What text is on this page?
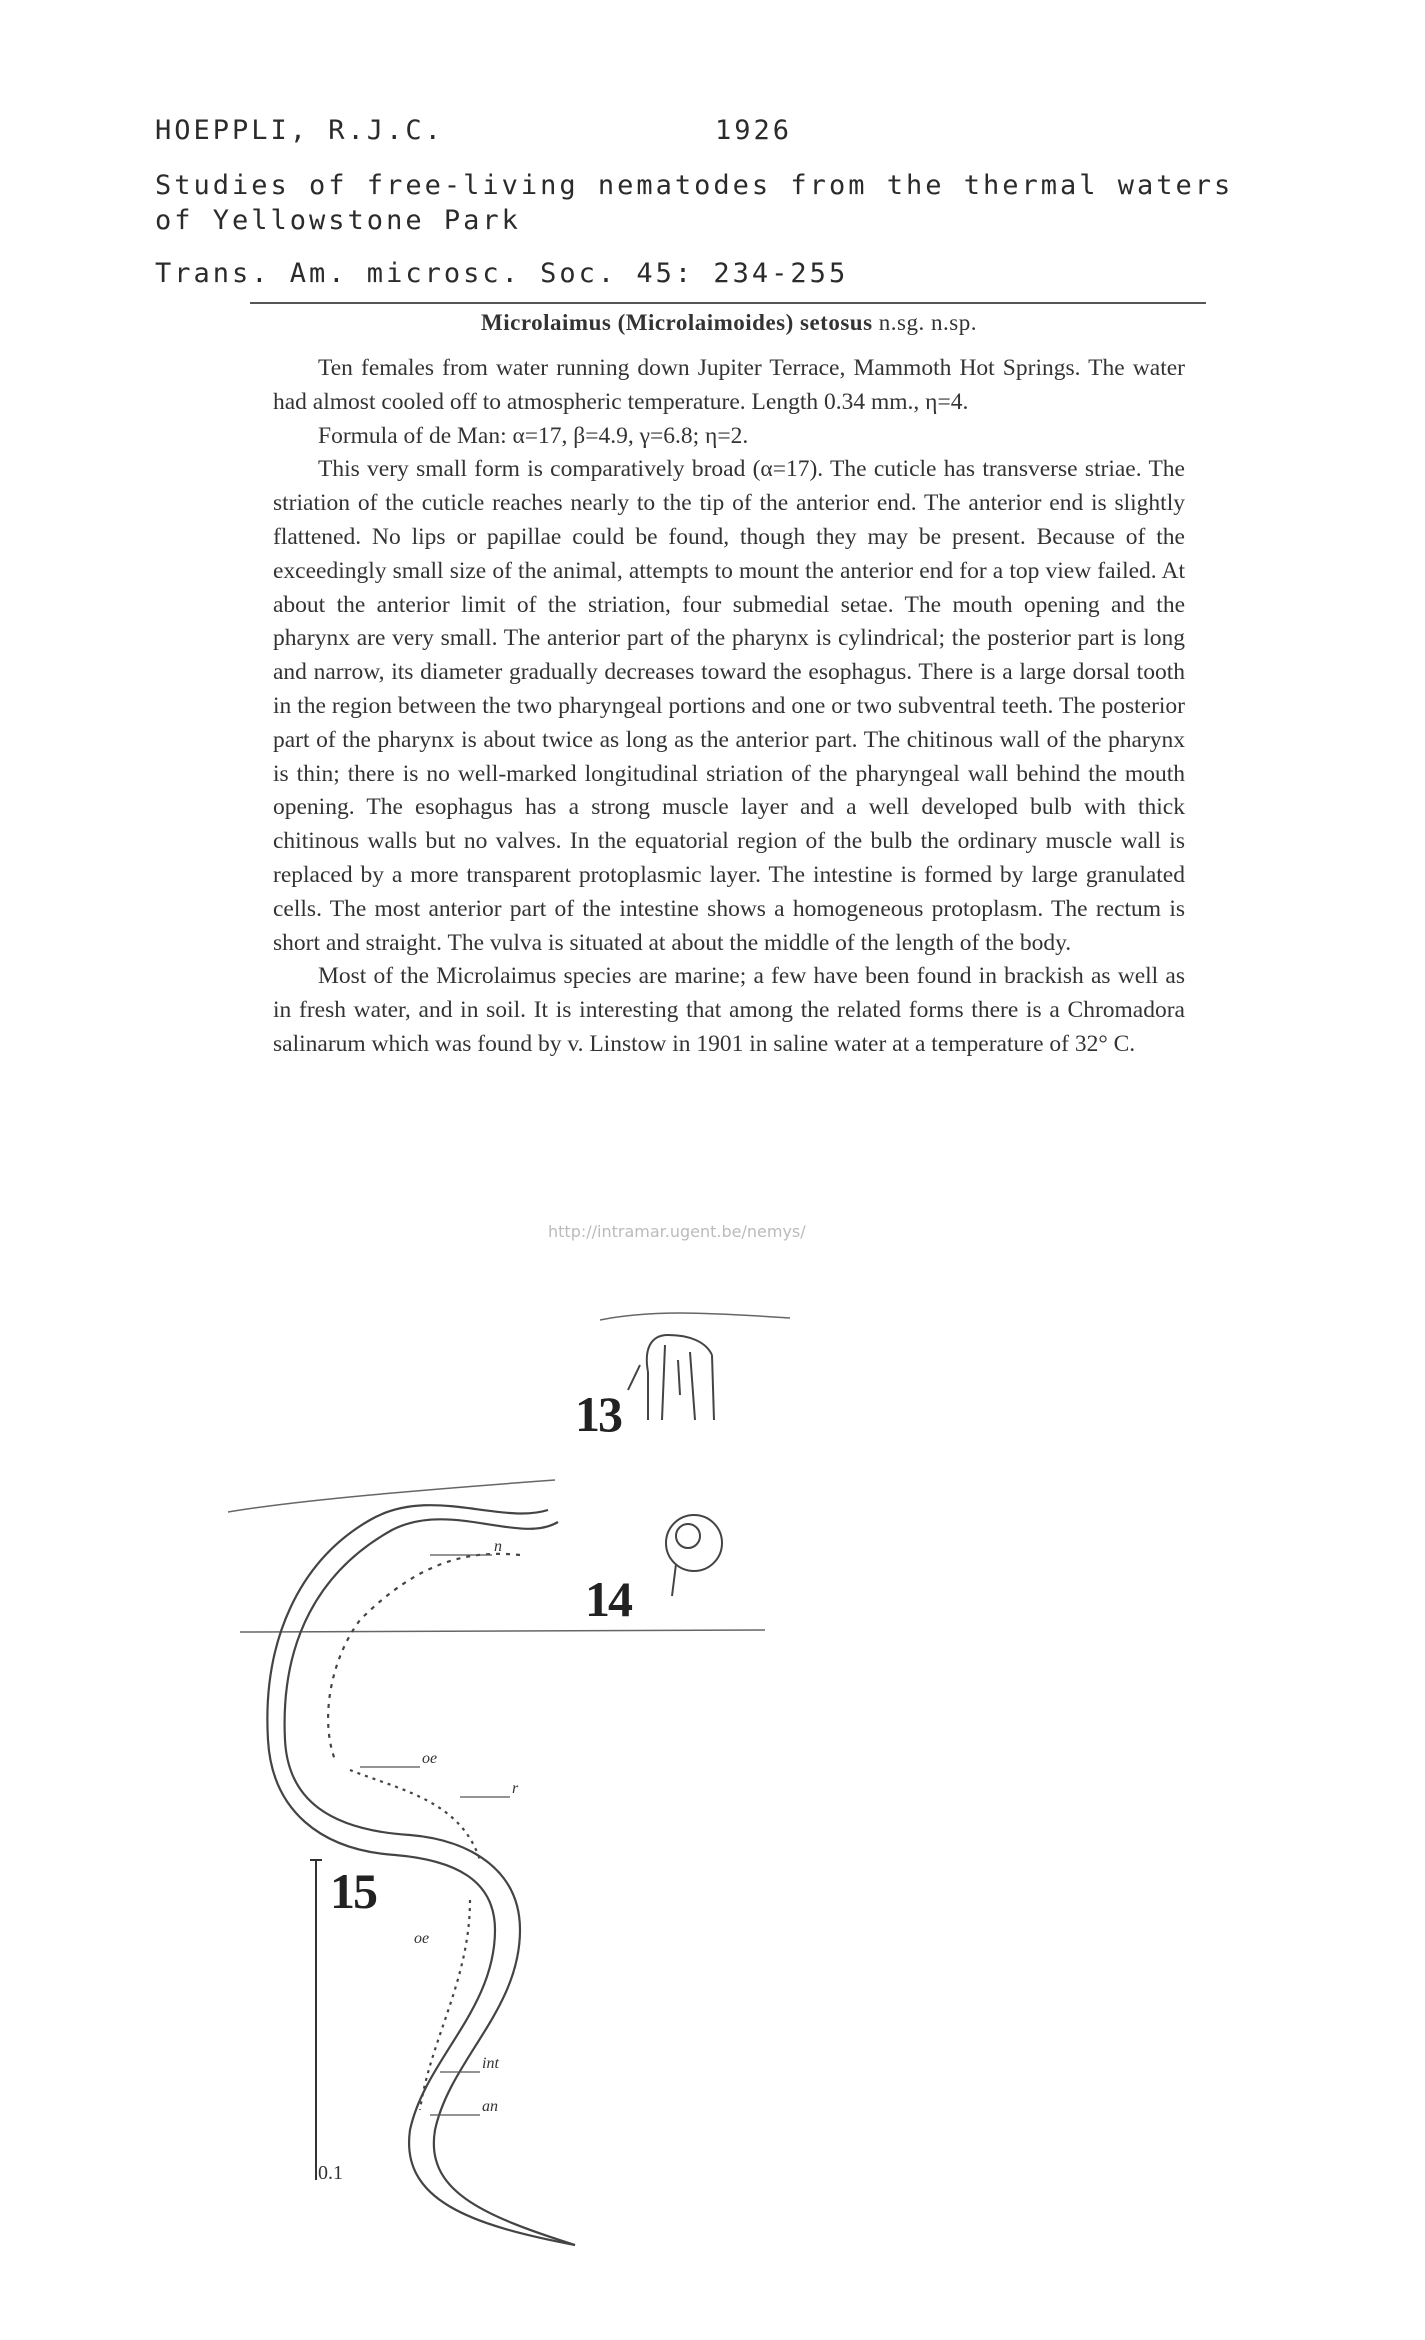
HOEPPLI, R.J.C.	1926
Studies of free-living nematodes from the thermal waters
of Yellowstone Park
Trans. Am. microsc. Soc. 45: 234-255
Microlaimus (Microlaimoides) setosus n.sg. n.sp.

Ten females from water running down Jupiter Terrace, Mammoth Hot Springs. The water had almost cooled off to atmospheric temperature. Length 0.34 mm., η=4.

Formula of de Man: α=17, β=4.9, γ=6.8; η=2.

This very small form is comparatively broad (α=17). The cuticle has transverse striae. The striation of the cuticle reaches nearly to the tip of the anterior end. The anterior end is slightly flattened. No lips or papillae could be found, though they may be present. Because of the exceedingly small size of the animal, attempts to mount the anterior end for a top view failed. At about the anterior limit of the striation, four submedial setae. The mouth opening and the pharynx are very small. The anterior part of the pharynx is cylindrical; the posterior part is long and narrow, its diameter gradually decreases toward the esophagus. There is a large dorsal tooth in the region between the two pharyngeal portions and one or two subventral teeth. The posterior part of the pharynx is about twice as long as the anterior part. The chitinous wall of the pharynx is thin; there is no well-marked longitudinal striation of the pharyngeal wall behind the mouth opening. The esophagus has a strong muscle layer and a well developed bulb with thick chitinous walls but no valves. In the equatorial region of the bulb the ordinary muscle wall is replaced by a more transparent protoplasmic layer. The intestine is formed by large granulated cells. The most anterior part of the intestine shows a homogeneous protoplasm. The rectum is short and straight. The vulva is situated at about the middle of the length of the body.

Most of the Microlaimus species are marine; a few have been found in brackish as well as in fresh water, and in soil. It is interesting that among the related forms there is a Chromadora salinarum which was found by v. Linstow in 1901 in saline water at a temperature of 32° C.

http://intramar.ugent.be/nemys/
13
14
15
n
oe
r
oe
int
an
0.1
